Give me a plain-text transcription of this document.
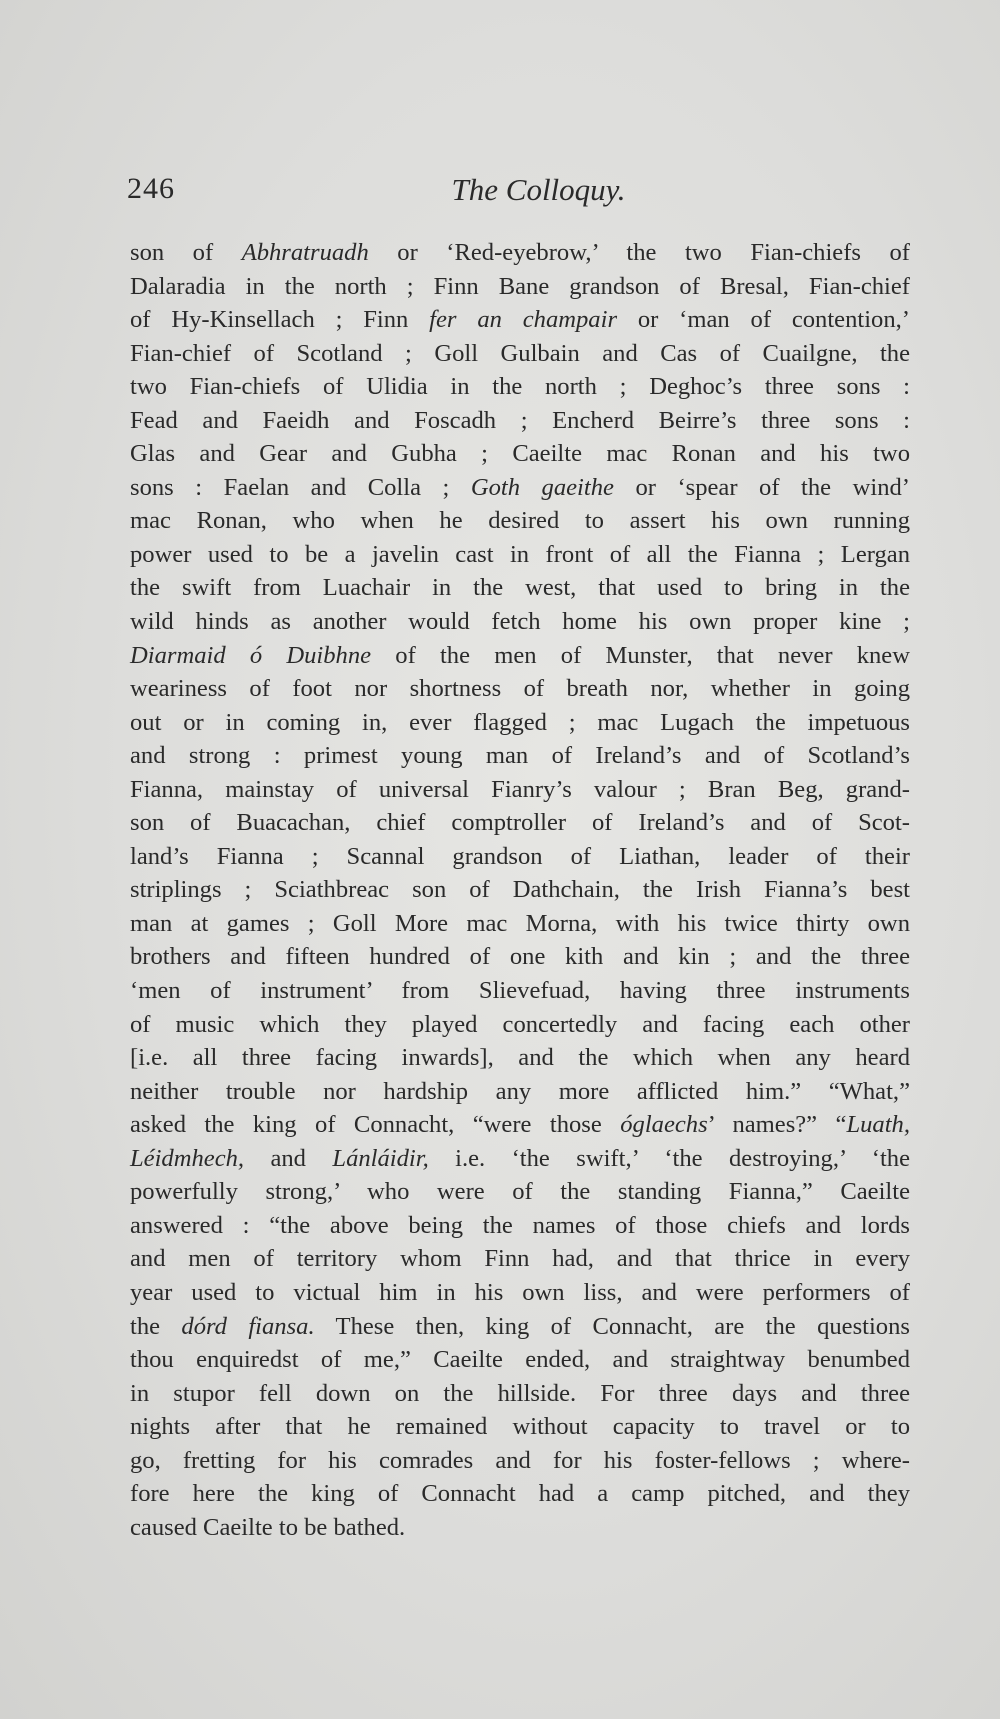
246	The Colloquy.
son of Abhratruadh or ‘Red-eyebrow,’ the two Fian-chiefs of
Dalaradia in the north ; Finn Bane grandson of Bresal, Fian-chief
of Hy-Kinsellach ; Finn fer an champair or ‘man of contention,’
Fian-chief of Scotland ; Goll Gulbain and Cas of Cuailgne, the
two Fian-chiefs of Ulidia in the north ; Deghoc’s three sons :
Fead and Faeidh and Foscadh ; Encherd Beirre’s three sons :
Glas and Gear and Gubha ; Caeilte mac Ronan and his two
sons : Faelan and Colla ; Goth gaeithe or ‘spear of the wind’
mac Ronan, who when he desired to assert his own running
power used to be a javelin cast in front of all the Fianna ; Lergan
the swift from Luachair in the west, that used to bring in the
wild hinds as another would fetch home his own proper kine ;
Diarmaid ó Duibhne of the men of Munster, that never knew
weariness of foot nor shortness of breath nor, whether in going
out or in coming in, ever flagged ; mac Lugach the impetuous
and strong : primest young man of Ireland’s and of Scotland’s
Fianna, mainstay of universal Fianry’s valour ; Bran Beg, grand-
son of Buacachan, chief comptroller of Ireland’s and of Scot-
land’s Fianna ; Scannal grandson of Liathan, leader of their
striplings ; Sciathbreac son of Dathchain, the Irish Fianna’s best
man at games ; Goll More mac Morna, with his twice thirty own
brothers and fifteen hundred of one kith and kin ; and the three
‘men of instrument’ from Slievefuad, having three instruments
of music which they played concertedly and facing each other
[i.e. all three facing inwards], and the which when any heard
neither trouble nor hardship any more afflicted him.” “What,”
asked the king of Connacht, “were those óglaechs’ names?” “Luath,
Léidmhech, and Lánláidir, i.e. ‘the swift,’ ‘the destroying,’ ‘the
powerfully strong,’ who were of the standing Fianna,” Caeilte
answered : “the above being the names of those chiefs and lords
and men of territory whom Finn had, and that thrice in every
year used to victual him in his own liss, and were performers of
the dórd fiansa. These then, king of Connacht, are the questions
thou enquiredst of me,” Caeilte ended, and straightway benumbed
in stupor fell down on the hillside. For three days and three
nights after that he remained without capacity to travel or to
go, fretting for his comrades and for his foster-fellows ; where-
fore here the king of Connacht had a camp pitched, and they
caused Caeilte to be bathed.
